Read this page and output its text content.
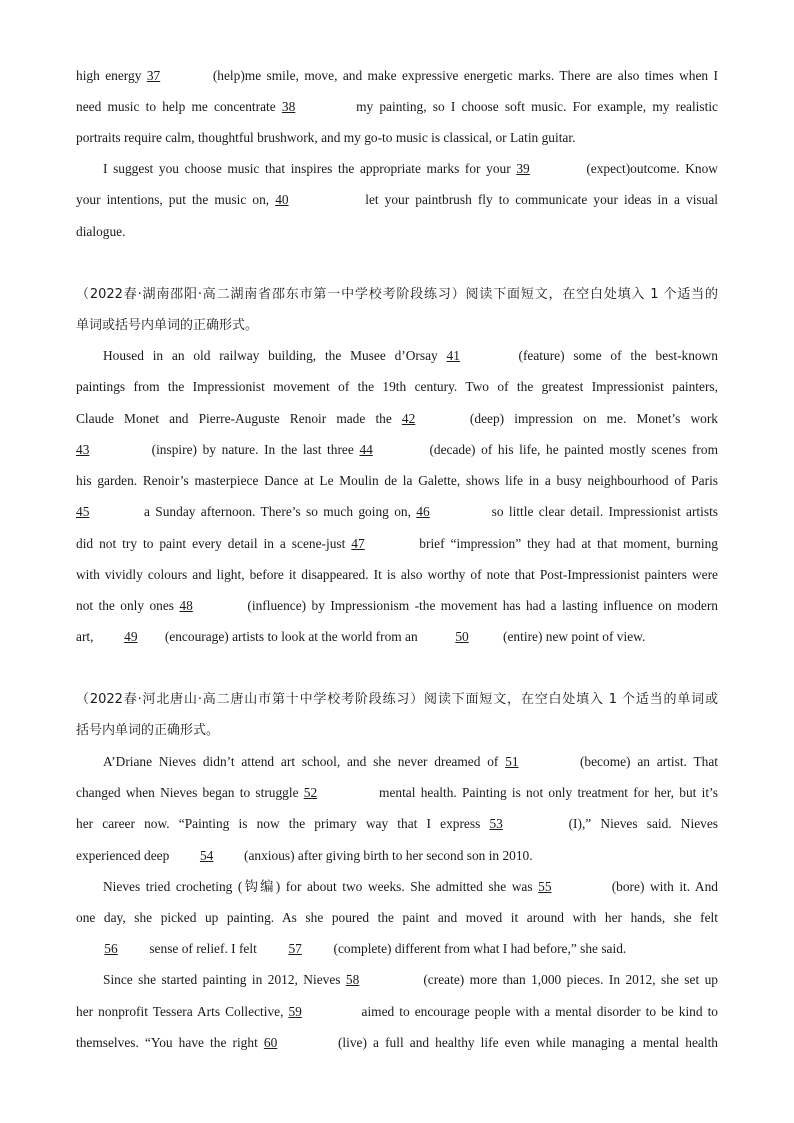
high energy 37	(help)me smile, move, and make expressive energetic marks. There are also times when I
need music to help me concentrate 38	my painting, so I choose soft music. For example, my realistic
portraits require calm, thoughtful brushwork, and my go-to music is classical, or Latin guitar.
I suggest you choose music that inspires the appropriate marks for your 39	(expect)outcome. Know
your intentions, put the music on, 40	let your paintbrush fly to communicate your ideas in a visual
dialogue.
（2022春·湖南邵阳·高二湖南省邵东市第一中学校考阶段练习）阅读下面短文，在空白处填入 1 个适当的
单词或括号内单词的正确形式。
Housed in an old railway building, the Musee d’Orsay 41	(feature) some of the best-known
paintings from the Impressionist movement of the 19th century. Two of the greatest Impressionist painters,
Claude Monet and Pierre-Auguste Renoir made the 42	(deep) impression on me. Monet’s work
43	(inspire) by nature. In the last three 44	(decade) of his life, he painted mostly scenes from
his garden. Renoir’s masterpiece Dance at Le Moulin de la Galette, shows life in a busy neighbourhood of Paris
45	a Sunday afternoon. There’s so much going on, 46	so little clear detail. Impressionist artists
did not try to paint every detail in a scene-just 47	brief “impression” they had at that moment, burning
with vividly colours and light, before it disappeared. It is also worthy of note that Post-Impressionist painters were
not the only ones 48	(influence) by Impressionism -the movement has had a lasting influence on modern
art, 49 (encourage) artists to look at the world from an	50	(entire) new point of view.
（2022春·河北唐山·高二唐山市第十中学校考阶段练习）阅读下面短文，在空白处填入 1 个适当的单词或
括号内单词的正确形式。
A’Driane Nieves didn’t attend art school, and she never dreamed of 51	(become) an artist. That
changed when Nieves began to struggle 52	mental health. Painting is not only treatment for her, but it’s
her career now. “Painting is now the primary way that I express 53	(I),” Nieves said. Nieves
experienced deep 54 (anxious) after giving birth to her second son in 2010.
Nieves tried crocheting (钩编) for about two weeks. She admitted she was 55	(bore) with it. And
one day, she picked up painting. As she poured the paint and moved it around with her hands, she felt
56 sense of relief. I felt 57 (complete) different from what I had before,” she said.
Since she started painting in 2012, Nieves 58	(create) more than 1,000 pieces. In 2012, she set up
her nonprofit Tessera Arts Collective, 59	aimed to encourage people with a mental disorder to be kind to
themselves. “You have the right 60	(live) a full and healthy life even while managing a mental health
